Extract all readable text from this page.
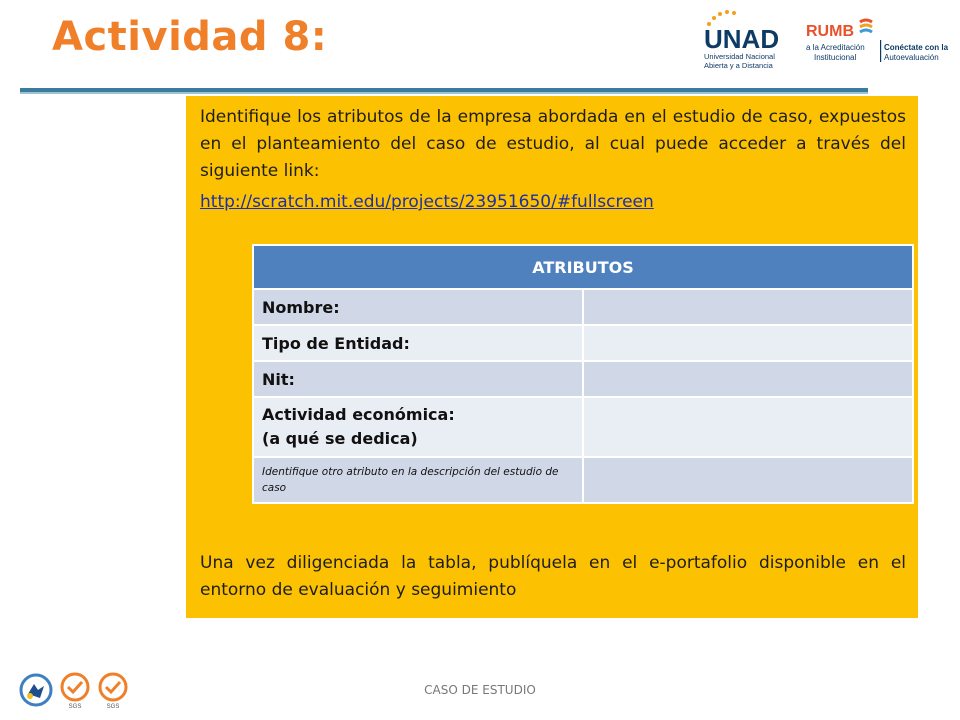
Actividad 8:	UNAD
Universidad Nacional
Abierta y a Distancia
RUMB
a la Acreditación
Institucional
Conéctate con la
Autoevaluación
Identifique los atributos de la empresa abordada en el estudio de caso, expuestos en el planteamiento del caso de estudio, al cual puede acceder a través del siguiente link:
http://scratch.mit.edu/projects/23951650/#fullscreen
ATRIBUTOS	
Nombre:	
Tipo de Entidad:	
Nit:	
Actividad económica:
(a qué se dedica)	
Identifique otro atributo en la descripción del estudio de caso	
Una vez diligenciada la tabla, publíquela en el e-portafolio disponible en el entorno de evaluación y seguimiento
SGS	SGS
CASO DE ESTUDIO
